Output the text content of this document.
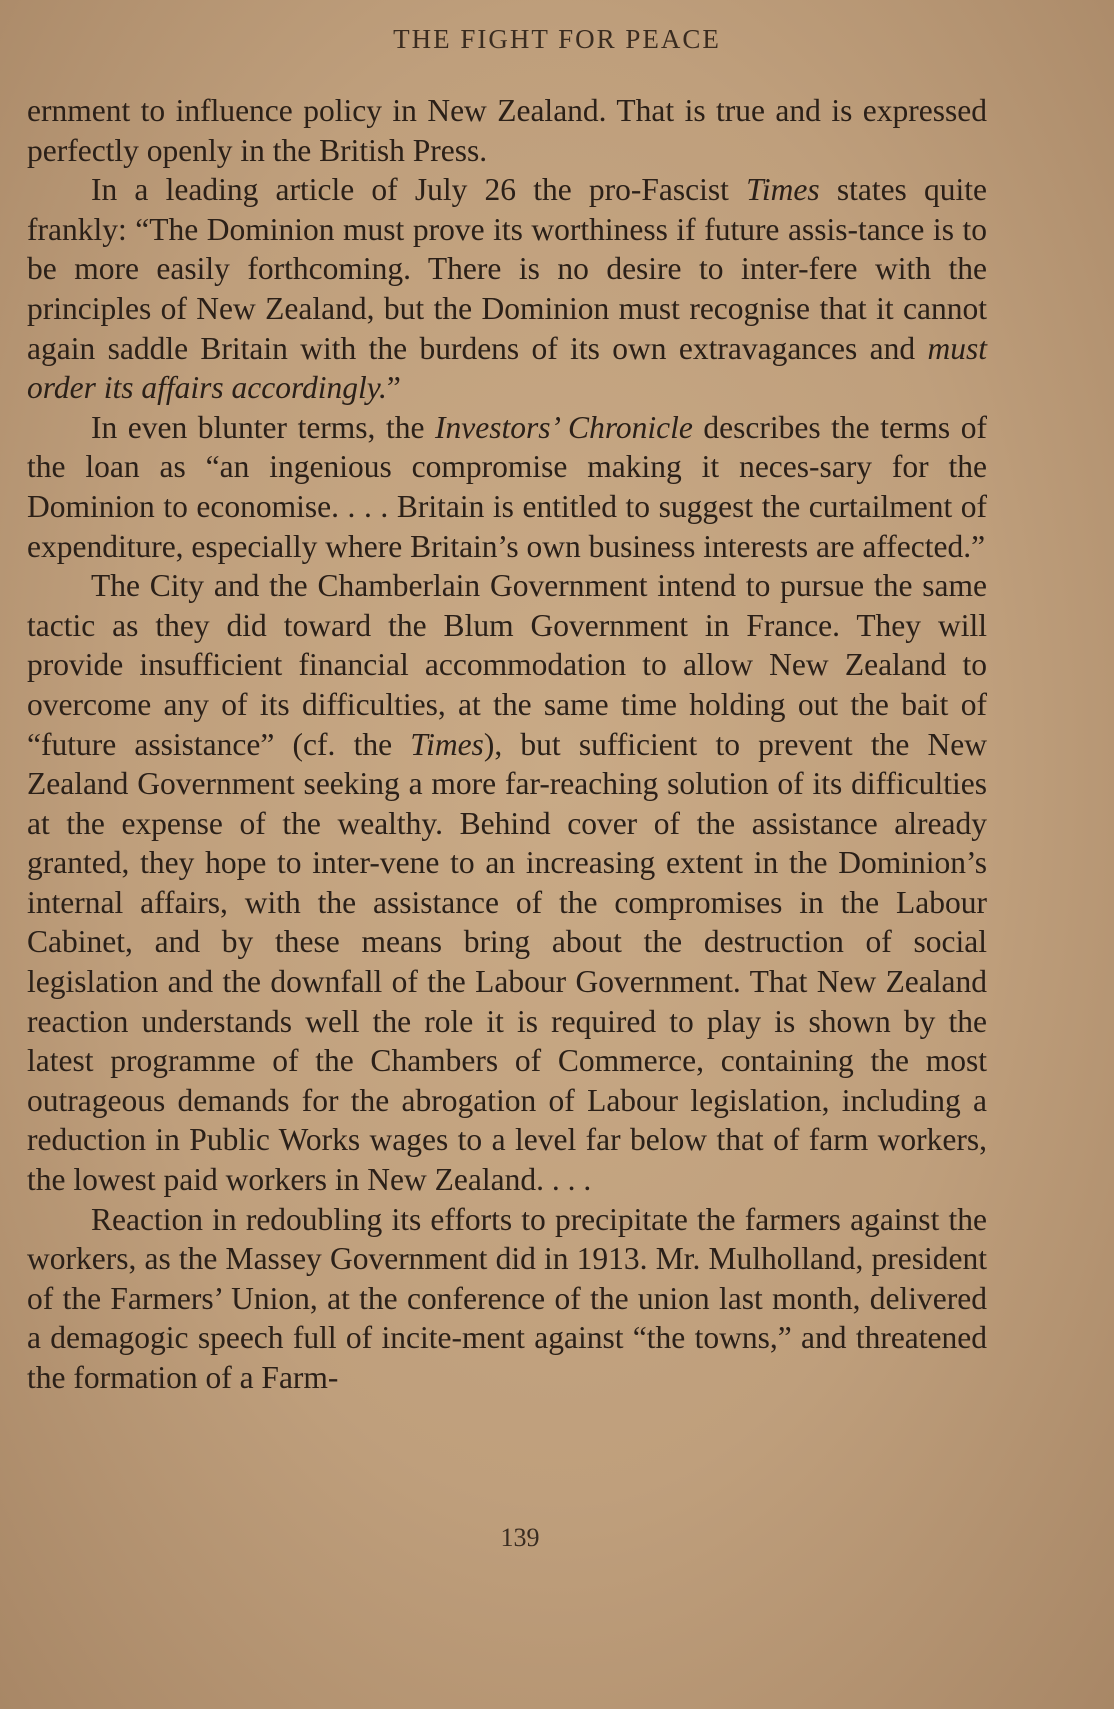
THE FIGHT FOR PEACE

ernment to influence policy in New Zealand. That is true and is expressed perfectly openly in the British Press.

In a leading article of July 26 the pro-Fascist Times states quite frankly: “The Dominion must prove its worthiness if future assis-tance is to be more easily forthcoming. There is no desire to inter-fere with the principles of New Zealand, but the Dominion must recognise that it cannot again saddle Britain with the burdens of its own extravagances and must order its affairs accordingly.”

In even blunter terms, the Investors’ Chronicle describes the terms of the loan as “an ingenious compromise making it neces-sary for the Dominion to economise. . . . Britain is entitled to suggest the curtailment of expenditure, especially where Britain’s own business interests are affected.”

The City and the Chamberlain Government intend to pursue the same tactic as they did toward the Blum Government in France. They will provide insufficient financial accommodation to allow New Zealand to overcome any of its difficulties, at the same time holding out the bait of “future assistance” (cf. the Times), but sufficient to prevent the New Zealand Government seeking a more far-reaching solution of its difficulties at the expense of the wealthy. Behind cover of the assistance already granted, they hope to inter-vene to an increasing extent in the Dominion’s internal affairs, with the assistance of the compromises in the Labour Cabinet, and by these means bring about the destruction of social legislation and the downfall of the Labour Government. That New Zealand reaction understands well the role it is required to play is shown by the latest programme of the Chambers of Commerce, containing the most outrageous demands for the abrogation of Labour legislation, including a reduction in Public Works wages to a level far below that of farm workers, the lowest paid workers in New Zealand. . . .

Reaction in redoubling its efforts to precipitate the farmers against the workers, as the Massey Government did in 1913. Mr. Mulholland, president of the Farmers’ Union, at the conference of the union last month, delivered a demagogic speech full of incite-ment against “the towns,” and threatened the formation of a Farm-

139
